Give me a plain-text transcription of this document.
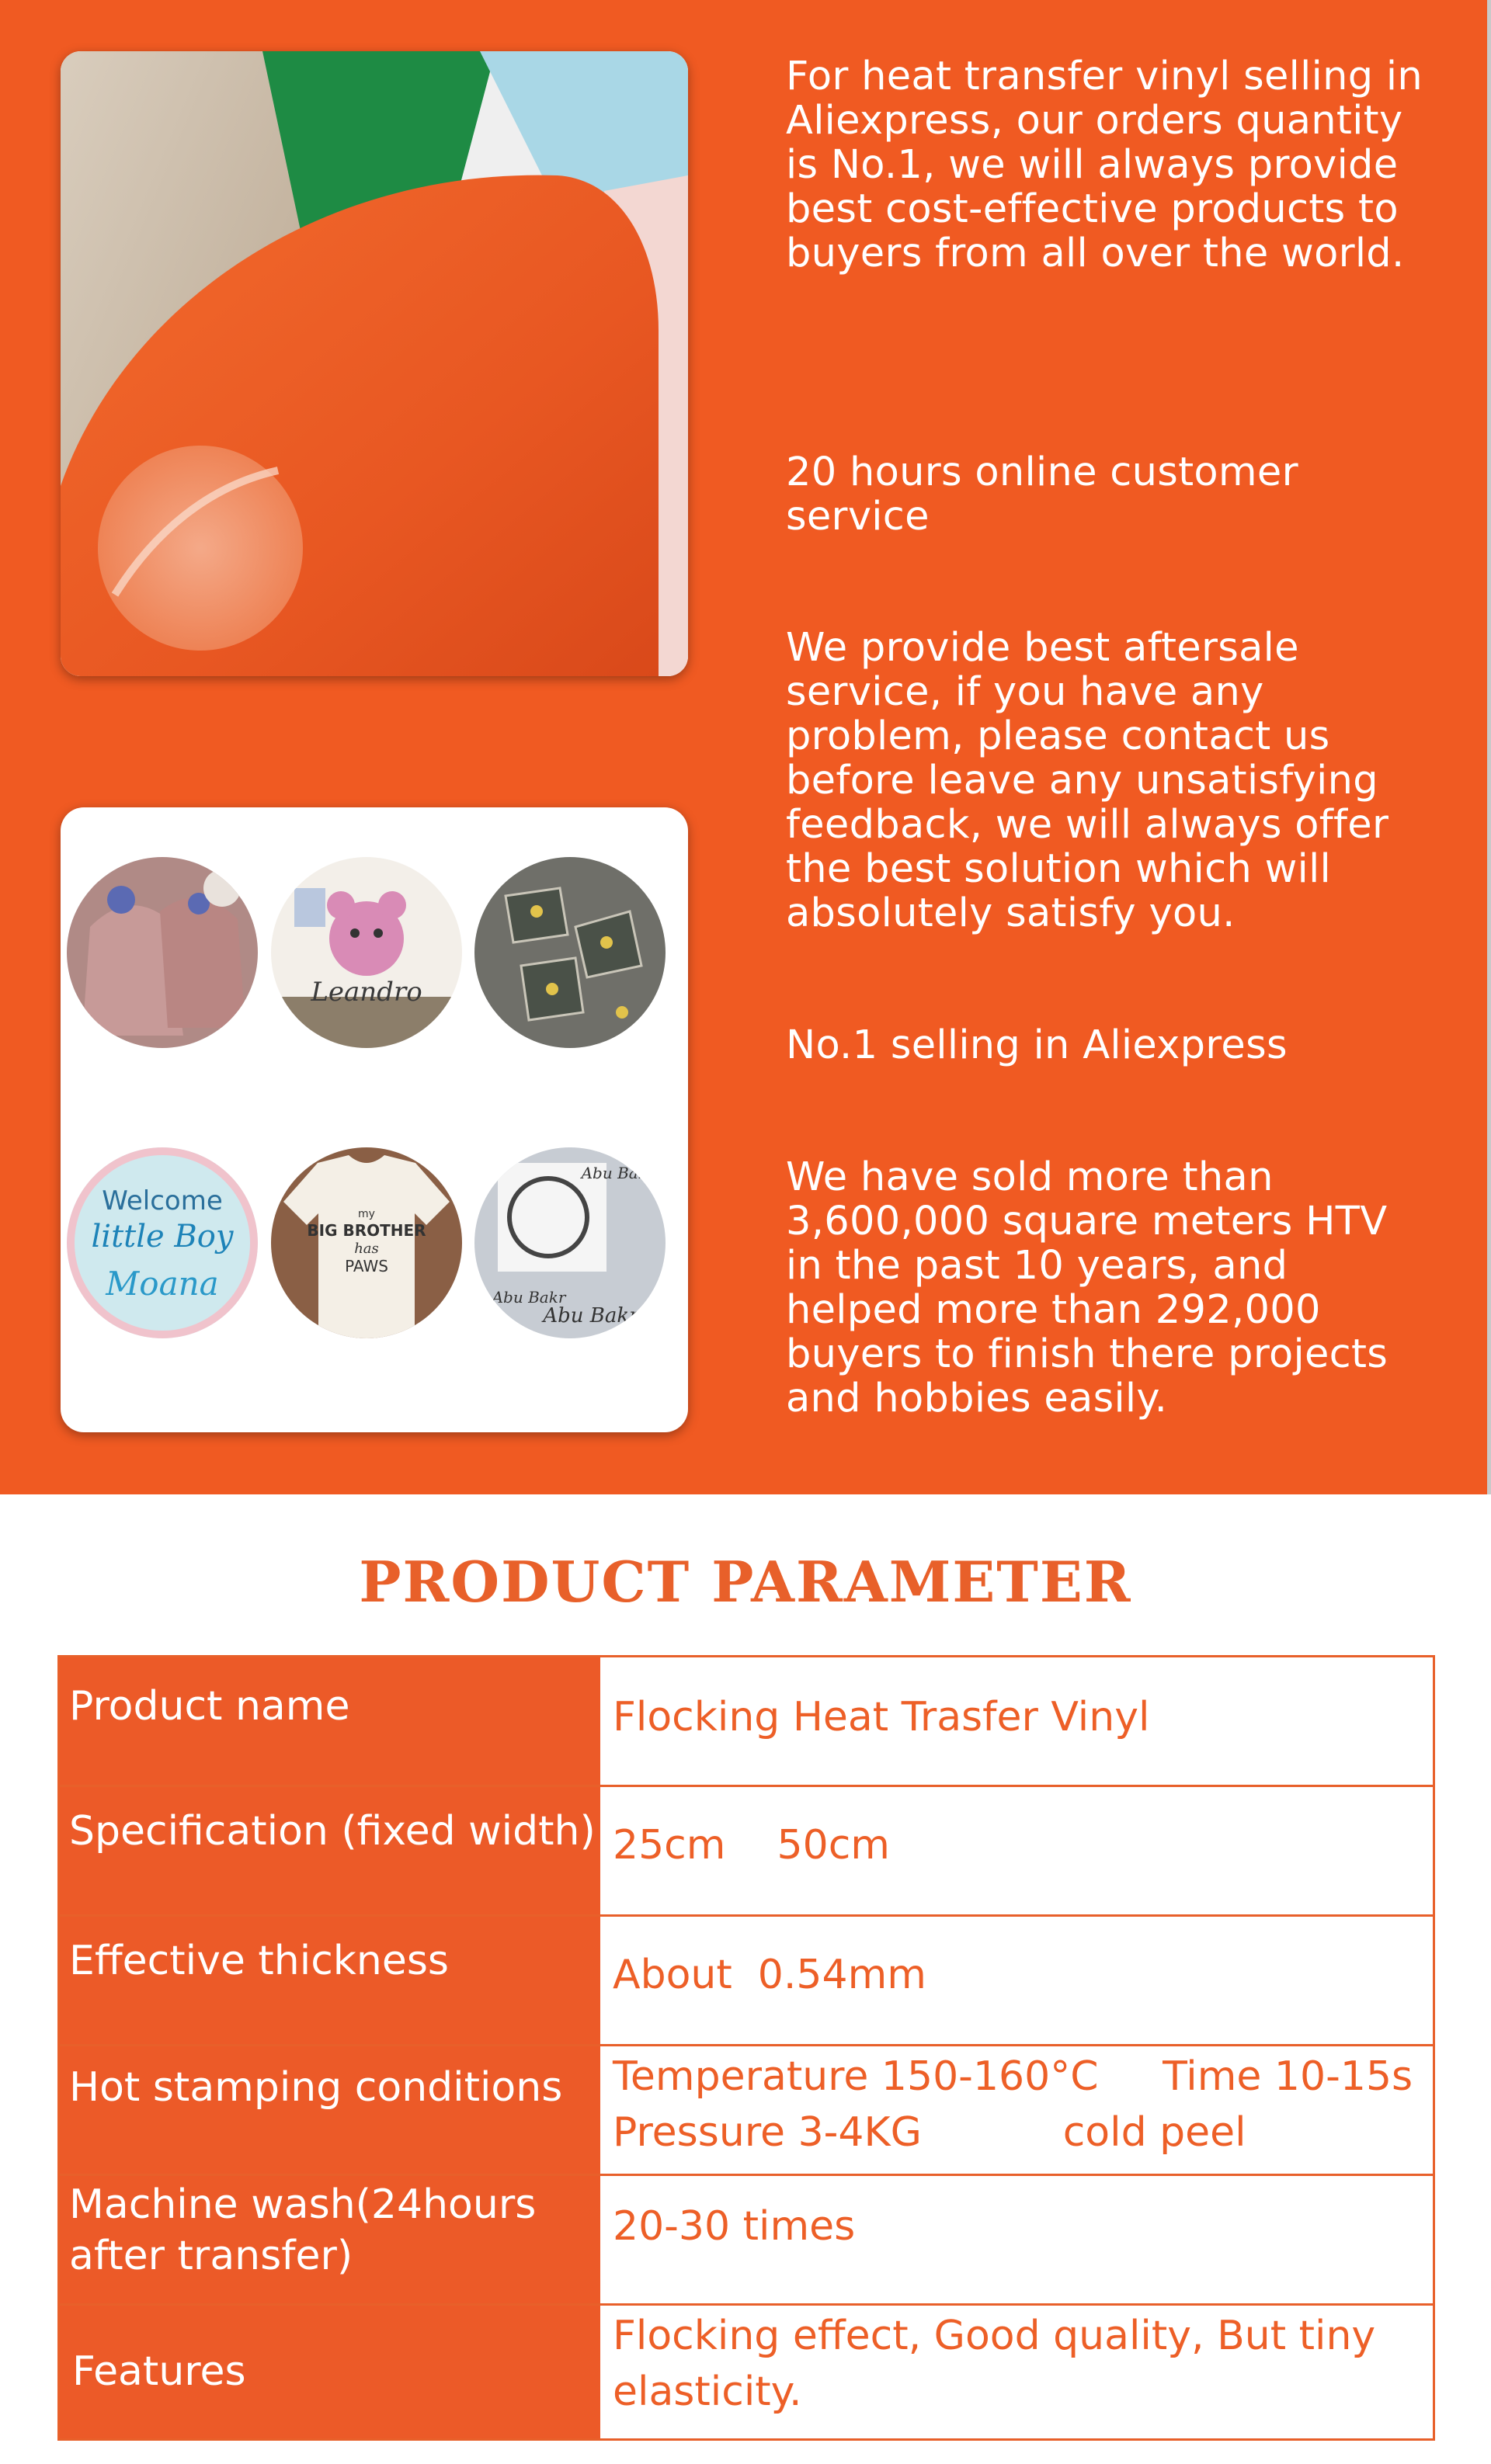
Leandro
Welcome
little Boy
Moana
my
BIG BROTHER
has
PAWS
Abu Bakr
Abu Bakr
Abu Bakr

For heat transfer vinyl selling in Aliexpress, our orders quantity is No.1, we will always provide best cost-effective products to buyers from all over the world.

20 hours online customer service

We provide best aftersale service, if you have any problem, please contact us before leave any unsatisfying feedback, we will always offer the best solution which will absolutely satisfy you.

No.1 selling in Aliexpress

We have sold more than 3,600,000 square meters HTV in the past 10 years, and helped more than 292,000 buyers to finish there projects and hobbies easily.

PRODUCT PARAMETER
Product name	Flocking Heat Trasfer Vinyl
Specification (fixed width) 25cm    50cm
Effective thickness	About  0.54mm
Hot stamping conditions Temperature 150-160°C     Time 10-15s
Pressure 3-4KG           cold peel
Machine wash(24hours
after transfer)
20-30 times
Features
Flocking effect, Good quality, But tiny
elasticity.
